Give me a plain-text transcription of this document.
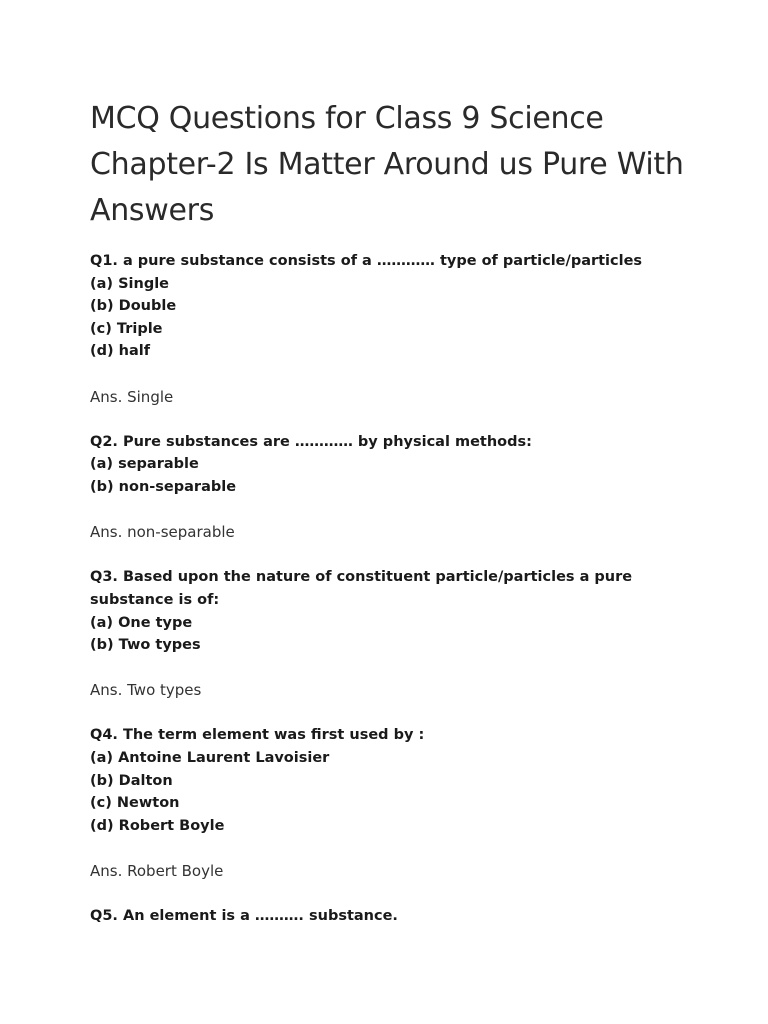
MCQ Questions for Class 9 Science Chapter-2 Is Matter Around us Pure With Answers

Q1. a pure substance consists of a ………… type of particle/particles

(a) Single

(b) Double

(c) Triple

(d) half

Ans. Single

Q2. Pure substances are ………… by physical methods:

(a) separable

(b) non-separable

Ans. non-separable

Q3. Based upon the nature of constituent particle/particles a pure substance is of:

(a) One type

(b) Two types

Ans. Two types

Q4. The term element was first used by :

(a) Antoine Laurent Lavoisier

(b) Dalton

(c) Newton

(d) Robert Boyle

Ans. Robert Boyle

Q5. An element is a ………. substance.
